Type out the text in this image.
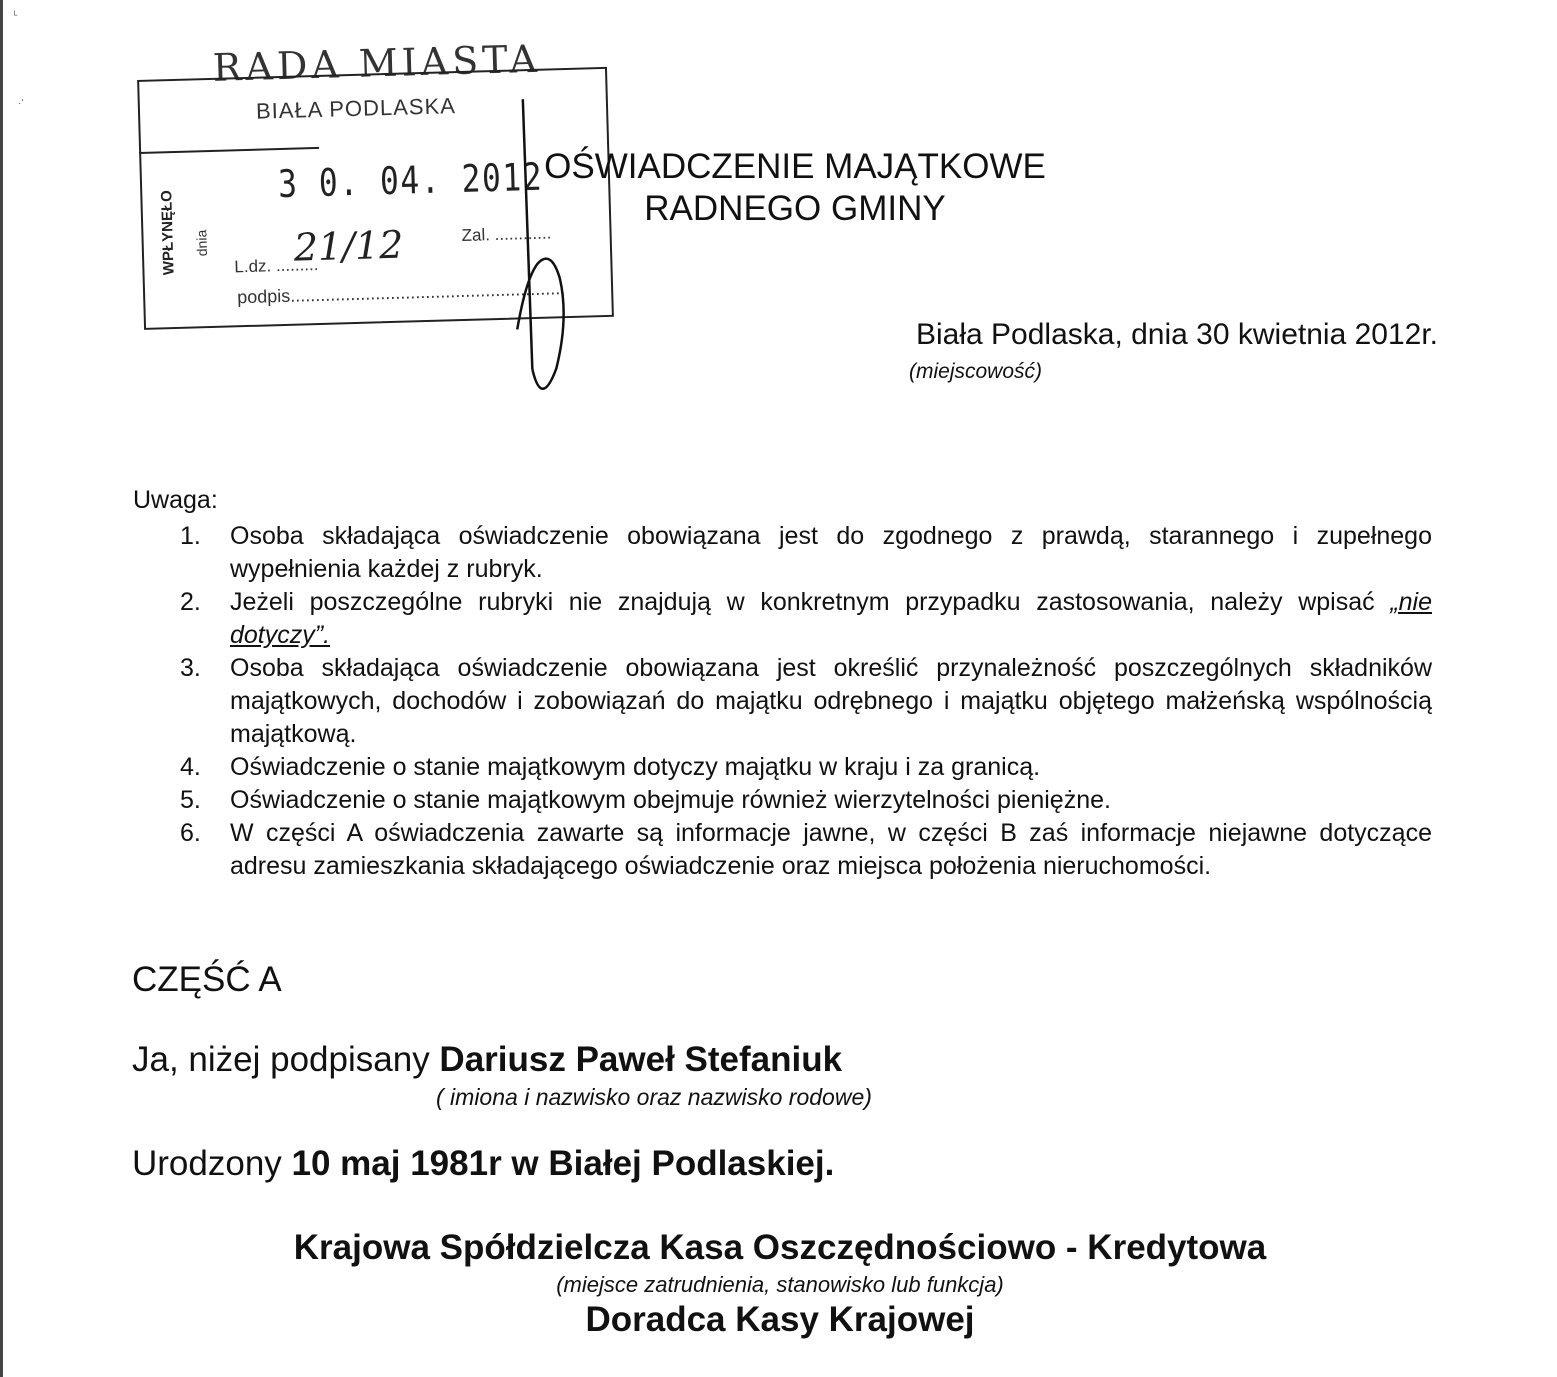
ᴸ
·'
RADA MIASTA
BIAŁA PODLASKA
WPŁYNĘŁO dnia
3 0. 04. 2012
L.dz. .........
21/12	Zal. ............
podpis.......................................................
OŚWIADCZENIE MAJĄTKOWE
RADNEGO GMINY
Biała Podlaska, dnia 30 kwietnia 2012r.
(miejscowość)
Uwaga:
1. Osoba składająca oświadczenie obowiązana jest do zgodnego z prawdą, starannego i zupełnego wypełnienia każdej z rubryk.
2. Jeżeli poszczególne rubryki nie znajdują w konkretnym przypadku zastosowania, należy wpisać „nie dotyczy”.
3. Osoba składająca oświadczenie obowiązana jest określić przynależność poszczególnych składników majątkowych, dochodów i zobowiązań do majątku odrębnego i majątku objętego małżeńską wspólnością majątkową.
4. Oświadczenie o stanie majątkowym dotyczy majątku w kraju i za granicą.
5. Oświadczenie o stanie majątkowym obejmuje również wierzytelności pieniężne.
6. W części A oświadczenia zawarte są informacje jawne, w części B zaś informacje niejawne dotyczące adresu zamieszkania składającego oświadczenie oraz miejsca położenia nieruchomości.
CZĘŚĆ A
Ja, niżej podpisany Dariusz Paweł Stefaniuk
( imiona i nazwisko oraz nazwisko rodowe)
Urodzony 10 maj 1981r w Białej Podlaskiej.
Krajowa Spółdzielcza Kasa Oszczędnościowo - Kredytowa
(miejsce zatrudnienia, stanowisko lub funkcja)
Doradca Kasy Krajowej
